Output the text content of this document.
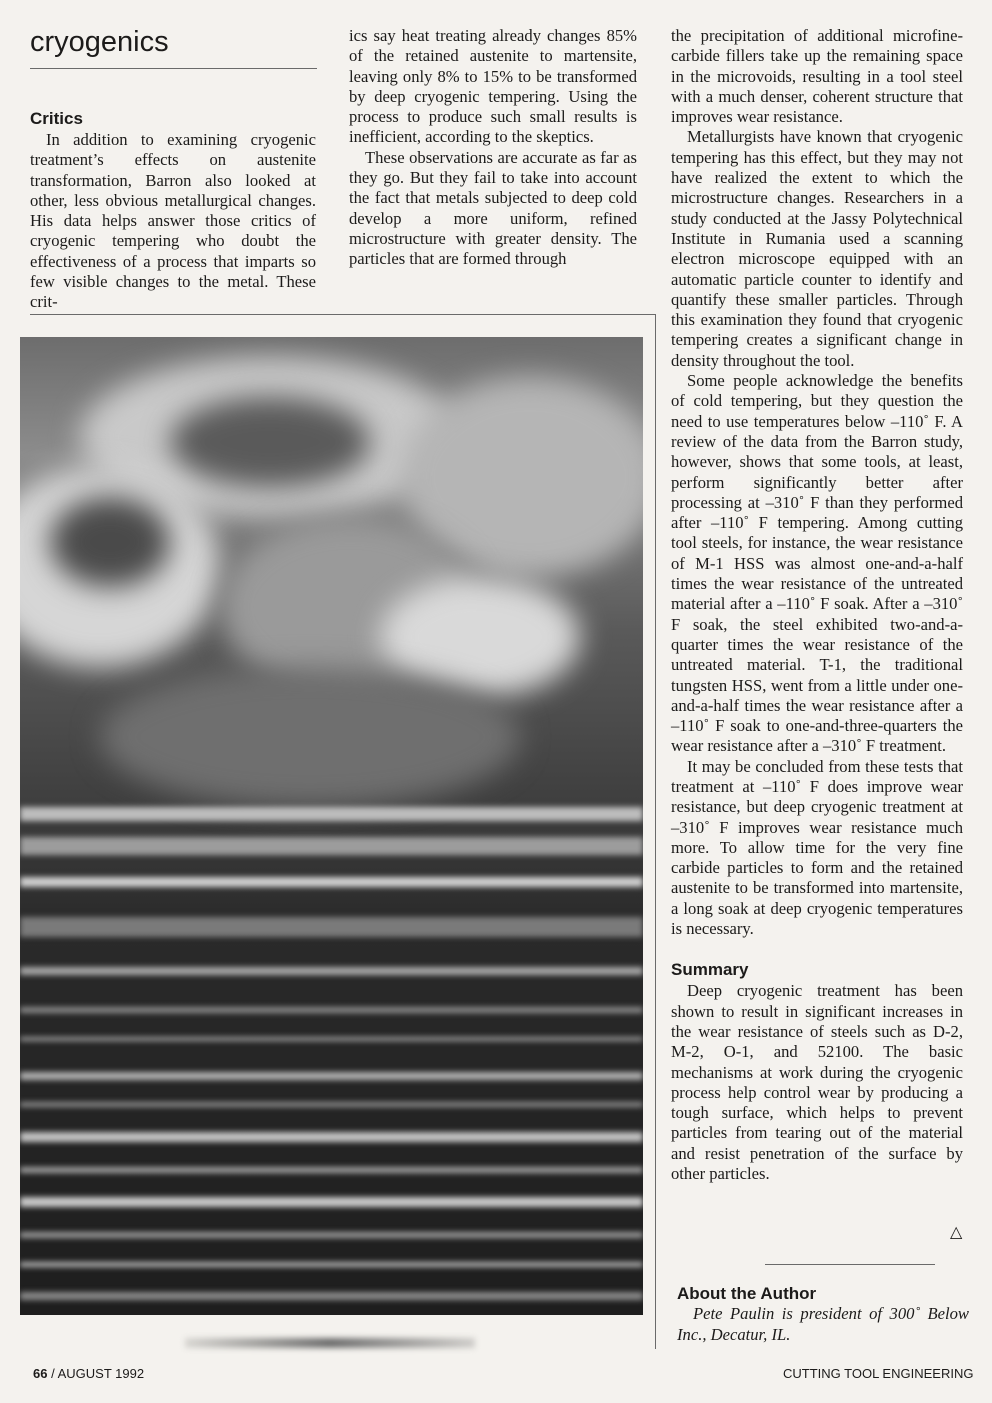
cryogenics
Critics

In addition to examining cryogenic treatment’s effects on austenite transformation, Barron also looked at other, less obvious metallurgical changes. His data helps answer those critics of cryogenic tempering who doubt the effectiveness of a process that imparts so few visible changes to the metal. These crit-

ics say heat treating already changes 85% of the retained austenite to martensite, leaving only 8% to 15% to be transformed by deep cryogenic tempering. Using the process to produce such small results is inefficient, according to the skeptics.

These observations are accurate as far as they go. But they fail to take into account the fact that metals subjected to deep cold develop a more uniform, refined microstructure with greater density. The particles that are formed through

the precipitation of additional microfine-carbide fillers take up the remaining space in the microvoids, resulting in a tool steel with a much denser, coherent structure that improves wear resistance.

Metallurgists have known that cryogenic tempering has this effect, but they may not have realized the extent to which the microstructure changes. Researchers in a study conducted at the Jassy Polytechnical Institute in Rumania used a scanning electron microscope equipped with an automatic particle counter to identify and quantify these smaller particles. Through this examination they found that cryogenic tempering creates a significant change in density throughout the tool.

Some people acknowledge the benefits of cold tempering, but they question the need to use temperatures below –110˚ F. A review of the data from the Barron study, however, shows that some tools, at least, perform significantly better after processing at –310˚ F than they performed after –110˚ F tempering. Among cutting tool steels, for instance, the wear resistance of M-1 HSS was almost one-and-a-half times the wear resistance of the untreated material after a –110˚ F soak. After a –310˚ F soak, the steel exhibited two-and-a-quarter times the wear resistance of the untreated material. T-1, the traditional tungsten HSS, went from a little under one-and-a-half times the wear resistance after a –110˚ F soak to one-and-three-quarters the wear resistance after a –310˚ F treatment.

It may be concluded from these tests that treatment at –110˚ F does improve wear resistance, but deep cryogenic treatment at –310˚ F improves wear resistance much more. To allow time for the very fine carbide particles to form and the retained austenite to be transformed into martensite, a long soak at deep cryogenic temperatures is necessary.

Summary

Deep cryogenic treatment has been shown to result in significant increases in the wear resistance of steels such as D-2, M-2, O-1, and 52100. The basic mechanisms at work during the cryogenic process help control wear by producing a tough surface, which helps to prevent particles from tearing out of the material and resist penetration of the surface by other particles.

△
About the Author

Pete Paulin is president of 300˚ Below Inc., Decatur, IL.

66 / AUGUST 1992	CUTTING TOOL ENGINEERING
